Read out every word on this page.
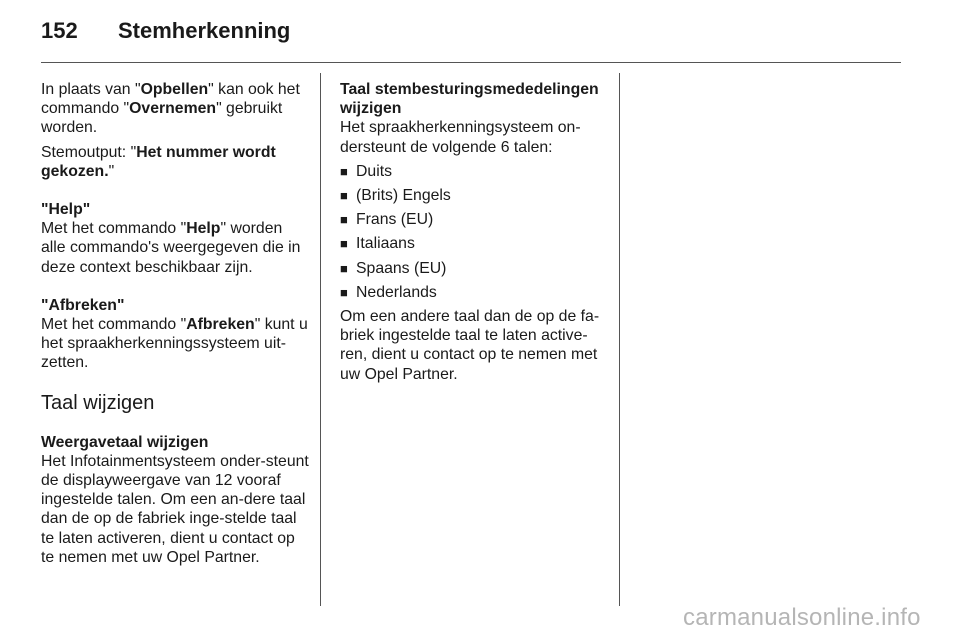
152 Stemherkenning

In plaats van "Opbellen" kan ook het commando "Overnemen" gebruikt worden.

Stemoutput: "Het nummer wordt gekozen."

"Help"

Met het commando "Help" worden alle commando's weergegeven die in deze context beschikbaar zijn.

"Afbreken"

Met het commando "Afbreken" kunt u het spraakherkenningssysteem uit-zetten.

Taal wijzigen

Weergavetaal wijzigen

Het Infotainmentsysteem onder-steunt de displayweergave van 12 vooraf ingestelde talen. Om een an-dere taal dan de op de fabriek inge-stelde taal te laten activeren, dient u contact op te nemen met uw Opel Partner.

Taal stembesturingsmededelingen wijzigen

Het spraakherkenningsysteem on-dersteunt de volgende 6 talen:

■ Duits
■ (Brits) Engels
■ Frans (EU)
■ Italiaans
■ Spaans (EU)
■ Nederlands

Om een andere taal dan de op de fa-briek ingestelde taal te laten active-ren, dient u contact op te nemen met uw Opel Partner.

carmanualsonline.info
